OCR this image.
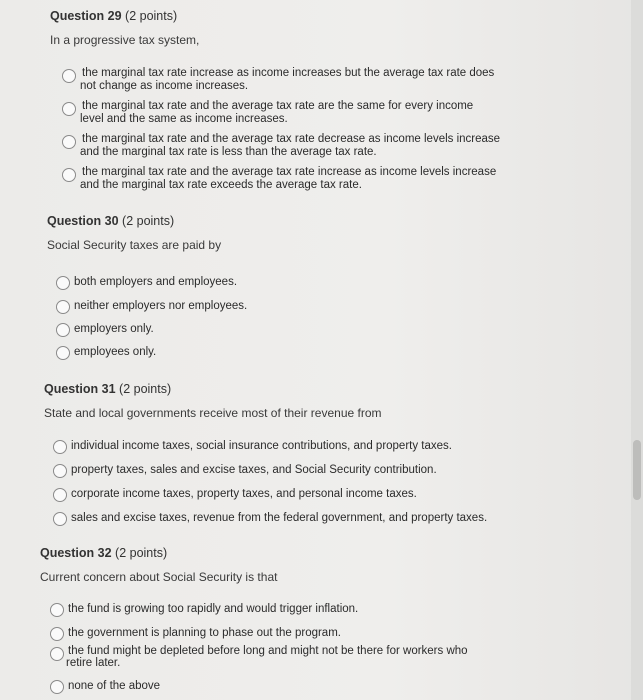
Question 29 (2 points)
In a progressive tax system,
the marginal tax rate increase as income increases but the average tax rate does
not change as income increases.
the marginal tax rate and the average tax rate are the same for every income
level and the same as income increases.
the marginal tax rate and the average tax rate decrease as income levels increase
and the marginal tax rate is less than the average tax rate.
the marginal tax rate and the average tax rate increase as income levels increase
and the marginal tax rate exceeds the average tax rate.
Question 30 (2 points)
Social Security taxes are paid by
both employers and employees.
neither employers nor employees.
employers only.
employees only.
Question 31 (2 points)
State and local governments receive most of their revenue from
individual income taxes, social insurance contributions, and property taxes.
property taxes, sales and excise taxes, and Social Security contribution.
corporate income taxes, property taxes, and personal income taxes.
sales and excise taxes, revenue from the federal government, and property taxes.
Question 32 (2 points)
Current concern about Social Security is that
the fund is growing too rapidly and would trigger inflation.
the government is planning to phase out the program.
the fund might be depleted before long and might not be there for workers who
retire later.
none of the above
